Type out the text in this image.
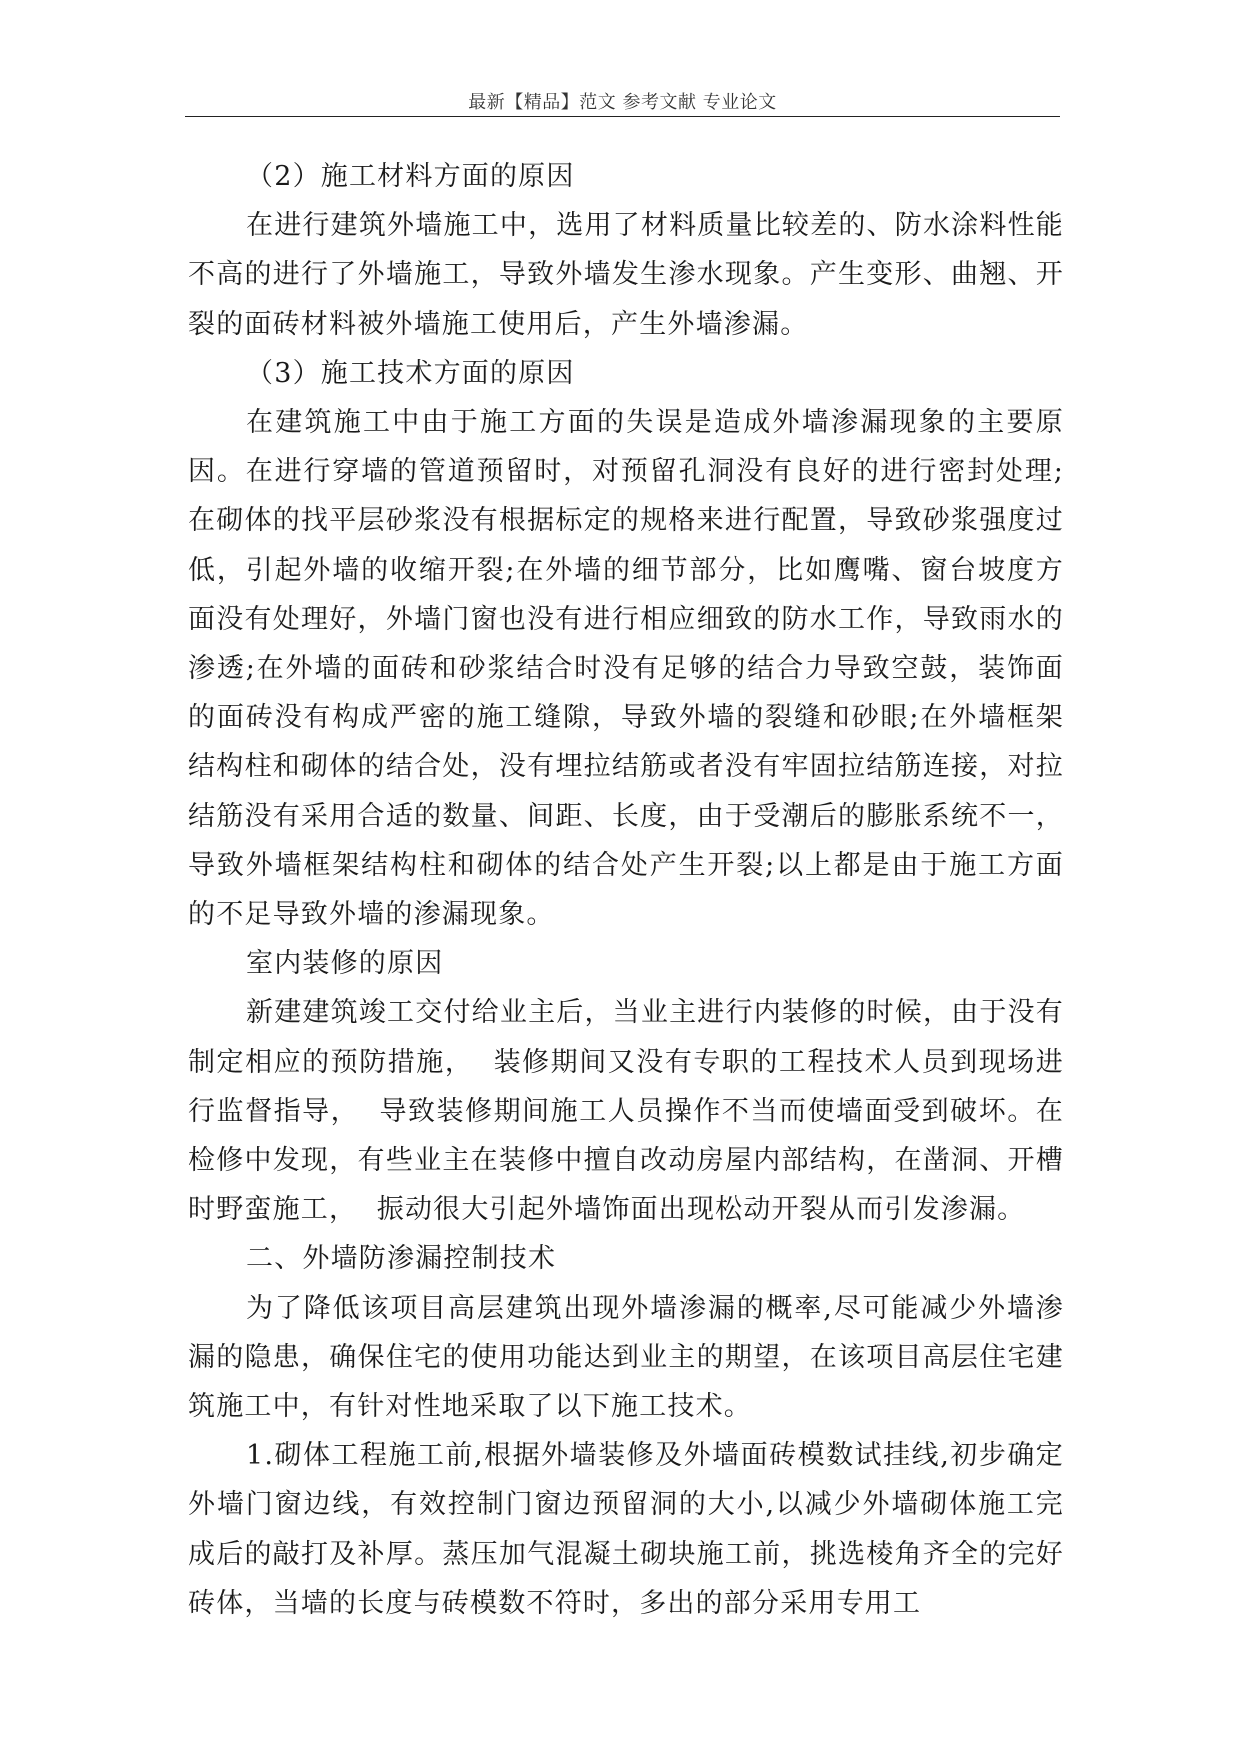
最新【精品】范文 参考文献 专业论文

（2）施工材料方面的原因

在进行建筑外墙施工中，选用了材料质量比较差的、防水涂料性能不高的进行了外墙施工，导致外墙发生渗水现象。产生变形、曲翘、开裂的面砖材料被外墙施工使用后，产生外墙渗漏。

（3）施工技术方面的原因

在建筑施工中由于施工方面的失误是造成外墙渗漏现象的主要原因。在进行穿墙的管道预留时，对预留孔洞没有良好的进行密封处理;在砌体的找平层砂浆没有根据标定的规格来进行配置，导致砂浆强度过低，引起外墙的收缩开裂;在外墙的细节部分，比如鹰嘴、窗台坡度方面没有处理好，外墙门窗也没有进行相应细致的防水工作，导致雨水的渗透;在外墙的面砖和砂浆结合时没有足够的结合力导致空鼓，装饰面的面砖没有构成严密的施工缝隙，导致外墙的裂缝和砂眼;在外墙框架结构柱和砌体的结合处，没有埋拉结筋或者没有牢固拉结筋连接，对拉结筋没有采用合适的数量、间距、长度，由于受潮后的膨胀系统不一，导致外墙框架结构柱和砌体的结合处产生开裂;以上都是由于施工方面的不足导致外墙的渗漏现象。

室内装修的原因

新建建筑竣工交付给业主后，当业主进行内装修的时候，由于没有制定相应的预防措施，  装修期间又没有专职的工程技术人员到现场进行监督指导，  导致装修期间施工人员操作不当而使墙面受到破坏。在检修中发现，有些业主在装修中擅自改动房屋内部结构，在凿洞、开槽时野蛮施工，  振动很大引起外墙饰面出现松动开裂从而引发渗漏。

二、外墙防渗漏控制技术

为了降低该项目高层建筑出现外墙渗漏的概率,尽可能减少外墙渗漏的隐患，确保住宅的使用功能达到业主的期望，在该项目高层住宅建筑施工中，有针对性地采取了以下施工技术。

1.砌体工程施工前,根据外墙装修及外墙面砖模数试挂线,初步确定外墙门窗边线，有效控制门窗边预留洞的大小,以减少外墙砌体施工完成后的敲打及补厚。蒸压加气混凝土砌块施工前，挑选棱角齐全的完好砖体，当墙的长度与砖模数不符时，多出的部分采用专用工
